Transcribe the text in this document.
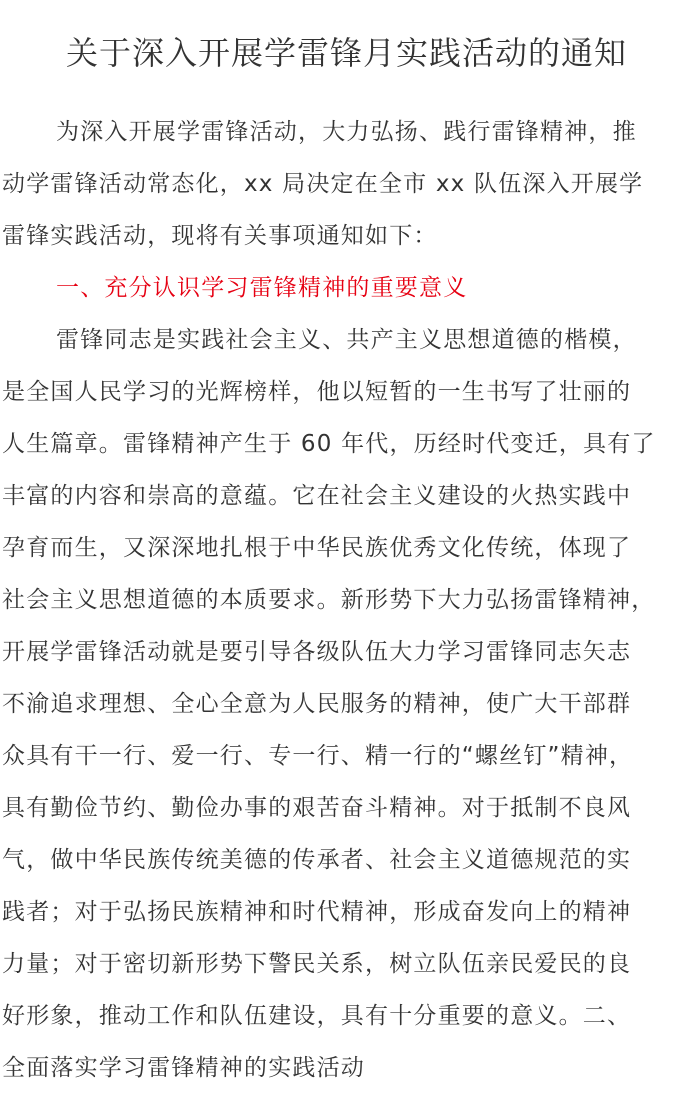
关于深入开展学雷锋月实践活动的通知
为深入开展学雷锋活动，大力弘扬、践行雷锋精神，推
动学雷锋活动常态化，xx 局决定在全市 xx 队伍深入开展学
雷锋实践活动，现将有关事项通知如下：
一、充分认识学习雷锋精神的重要意义
雷锋同志是实践社会主义、共产主义思想道德的楷模，
是全国人民学习的光辉榜样，他以短暂的一生书写了壮丽的
人生篇章。雷锋精神产生于 60 年代，历经时代变迁，具有了
丰富的内容和崇高的意蕴。它在社会主义建设的火热实践中
孕育而生，又深深地扎根于中华民族优秀文化传统，体现了
社会主义思想道德的本质要求。新形势下大力弘扬雷锋精神，
开展学雷锋活动就是要引导各级队伍大力学习雷锋同志矢志
不渝追求理想、全心全意为人民服务的精神，使广大干部群
众具有干一行、爱一行、专一行、精一行的“螺丝钉”精神，
具有勤俭节约、勤俭办事的艰苦奋斗精神。对于抵制不良风
气，做中华民族传统美德的传承者、社会主义道德规范的实
践者；对于弘扬民族精神和时代精神，形成奋发向上的精神
力量；对于密切新形势下警民关系，树立队伍亲民爱民的良
好形象，推动工作和队伍建设，具有十分重要的意义。二、
全面落实学习雷锋精神的实践活动
